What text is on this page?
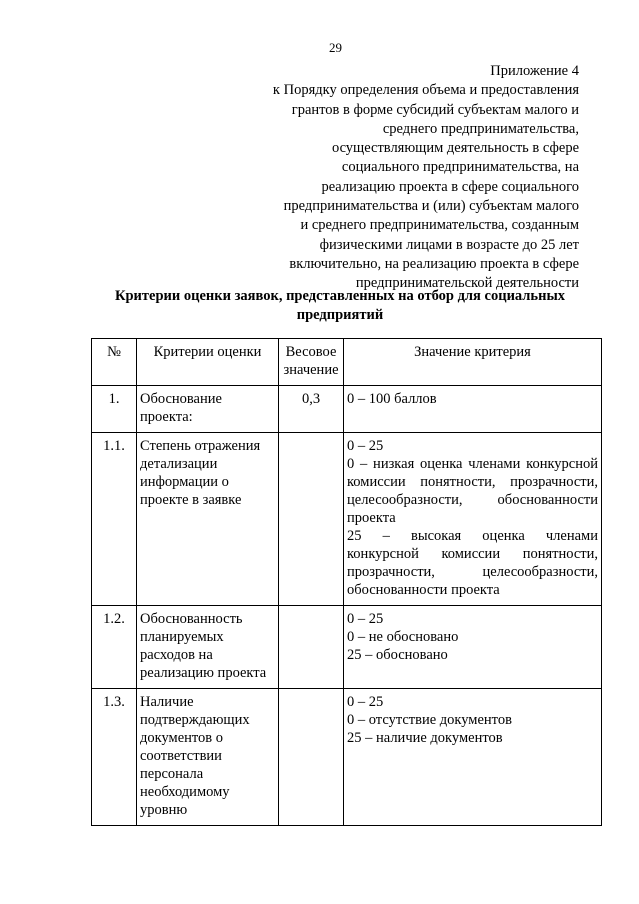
29
Приложение 4
к Порядку определения объема и предоставления
грантов в форме субсидий субъектам малого и
среднего предпринимательства,
осуществляющим деятельность в сфере
социального предпринимательства, на
реализацию проекта в сфере социального
предпринимательства и (или) субъектам малого
и среднего предпринимательства, созданным
физическими лицами в возрасте до 25 лет
включительно, на реализацию проекта в сфере
предпринимательской деятельности
Критерии оценки заявок, представленных на отбор для социальных
предприятий
№	Критерии оценки	Весовое значение	Значение критерия
1.	Обоснование проекта:	0,3	0 – 100 баллов

1.1.	Степень отражения детализации информации о проекте в заявке		0 – 25
0 – низкая оценка членами конкурсной комиссии понятности, прозрачности, целесообразности, обоснованности проекта
25 – высокая оценка членами конкурсной комиссии понятности, прозрачности, целесообразности, обоснованности проекта

1.2.	Обоснованность планируемых расходов на реализацию проекта		0 – 25
0 – не обосновано
25 – обосновано

1.3.	Наличие подтверждающих документов о соответствии персонала необходимому уровню		0 – 25
0 – отсутствие документов
25 – наличие документов
